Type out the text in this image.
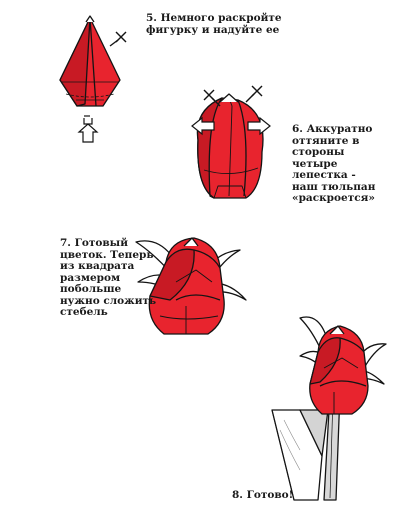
5. Немного раскройте
фигурку и надуйте ее
6. Аккуратно
оттяните в
стороны
четыре
лепестка -
наш тюльпан
«раскроется»
7. Готовый
цветок. Теперь
из квадрата
размером
побольше
нужно сложить
стебель
8. Готово!
